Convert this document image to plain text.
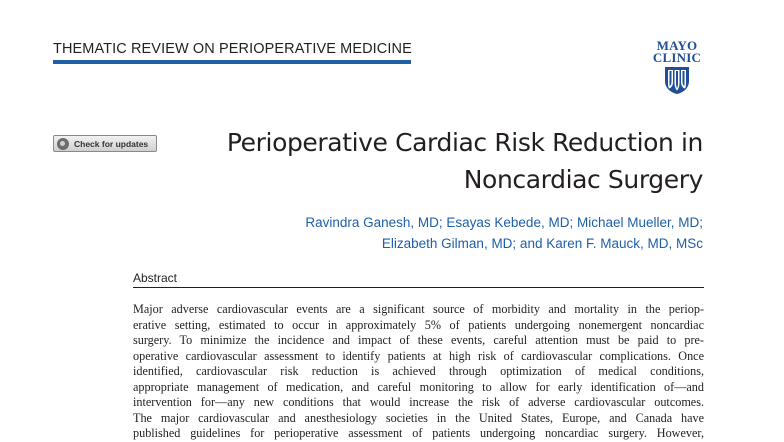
THEMATIC REVIEW ON PERIOPERATIVE MEDICINE	MAYO
CLINIC
Check for updates	Perioperative Cardiac Risk Reduction in
Noncardiac Surgery
Ravindra Ganesh, MD; Esayas Kebede, MD; Michael Mueller, MD;
Elizabeth Gilman, MD; and Karen F. Mauck, MD, MSc
Abstract
Major adverse cardiovascular events are a significant source of morbidity and mortality in the periop-
erative setting, estimated to occur in approximately 5% of patients undergoing nonemergent noncardiac
surgery. To minimize the incidence and impact of these events, careful attention must be paid to pre-
operative cardiovascular assessment to identify patients at high risk of cardiovascular complications. Once
identified, cardiovascular risk reduction is achieved through optimization of medical conditions,
appropriate management of medication, and careful monitoring to allow for early identification of—and
intervention for—any new conditions that would increase the risk of adverse cardiovascular outcomes.
The major cardiovascular and anesthesiology societies in the United States, Europe, and Canada have
published guidelines for perioperative assessment of patients undergoing noncardiac surgery. However,
